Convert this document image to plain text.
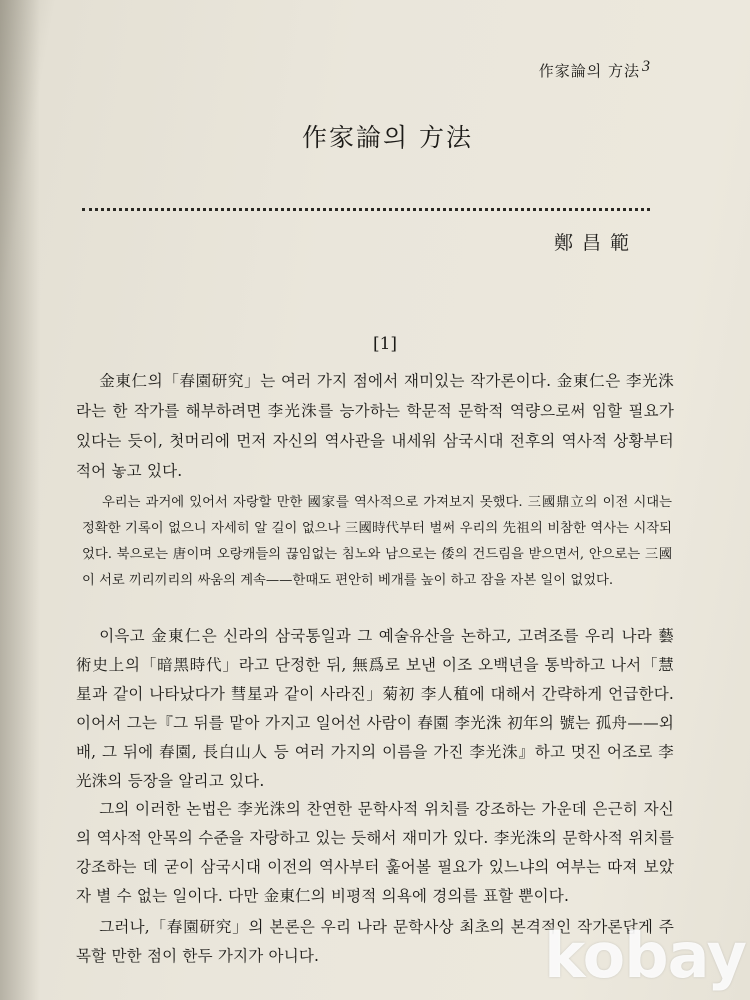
作家論의 方法 3
作家論의 方法
鄭昌範
[1]

金東仁의「春園研究」는 여러 가지 점에서 재미있는 작가론이다. 金東仁은 李光洙라는 한 작가를 해부하려면 李光洙를 능가하는 학문적 문학적 역량으로써 임할 필요가 있다는 듯이, 첫머리에 먼저 자신의 역사관을 내세워 삼국시대 전후의 역사적 상황부터 적어 놓고 있다.

우리는 과거에 있어서 자랑할 만한 國家를 역사적으로 가져보지 못했다. 三國鼎立의 이전 시대는 정확한 기록이 없으니 자세히 알 길이 없으나 三國時代부터 벌써 우리의 先祖의 비참한 역사는 시작되었다. 북으로는 唐이며 오랑캐들의 끊임없는 침노와 남으로는 倭의 건드림을 받으면서, 안으로는 三國이 서로 끼리끼리의 싸움의 계속——한때도 편안히 베개를 높이 하고 잠을 자본 일이 없었다.

이윽고 金東仁은 신라의 삼국통일과 그 예술유산을 논하고, 고려조를 우리 나라 藝術史上의「暗黑時代」라고 단정한 뒤, 無爲로 보낸 이조 오백년을 통박하고 나서「慧星과 같이 나타났다가 彗星과 같이 사라진」菊初 李人稙에 대해서 간략하게 언급한다. 이어서 그는『그 뒤를 맡아 가지고 일어선 사람이 春園 李光洙 初年의 號는 孤舟——외배, 그 뒤에 春園, 長白山人 등 여러 가지의 이름을 가진 李光洙』하고 멋진 어조로 李光洙의 등장을 알리고 있다.

그의 이러한 논법은 李光洙의 찬연한 문학사적 위치를 강조하는 가운데 은근히 자신의 역사적 안목의 수준을 자랑하고 있는 듯해서 재미가 있다. 李光洙의 문학사적 위치를 강조하는 데 굳이 삼국시대 이전의 역사부터 훑어볼 필요가 있느냐의 여부는 따져 보았자 별 수 없는 일이다. 다만 金東仁의 비평적 의욕에 경의를 표할 뿐이다.

그러나,「春園研究」의 본론은 우리 나라 문학사상 최초의 본격적인 작가론답게 주목할 만한 점이 한두 가지가 아니다.	kobay
